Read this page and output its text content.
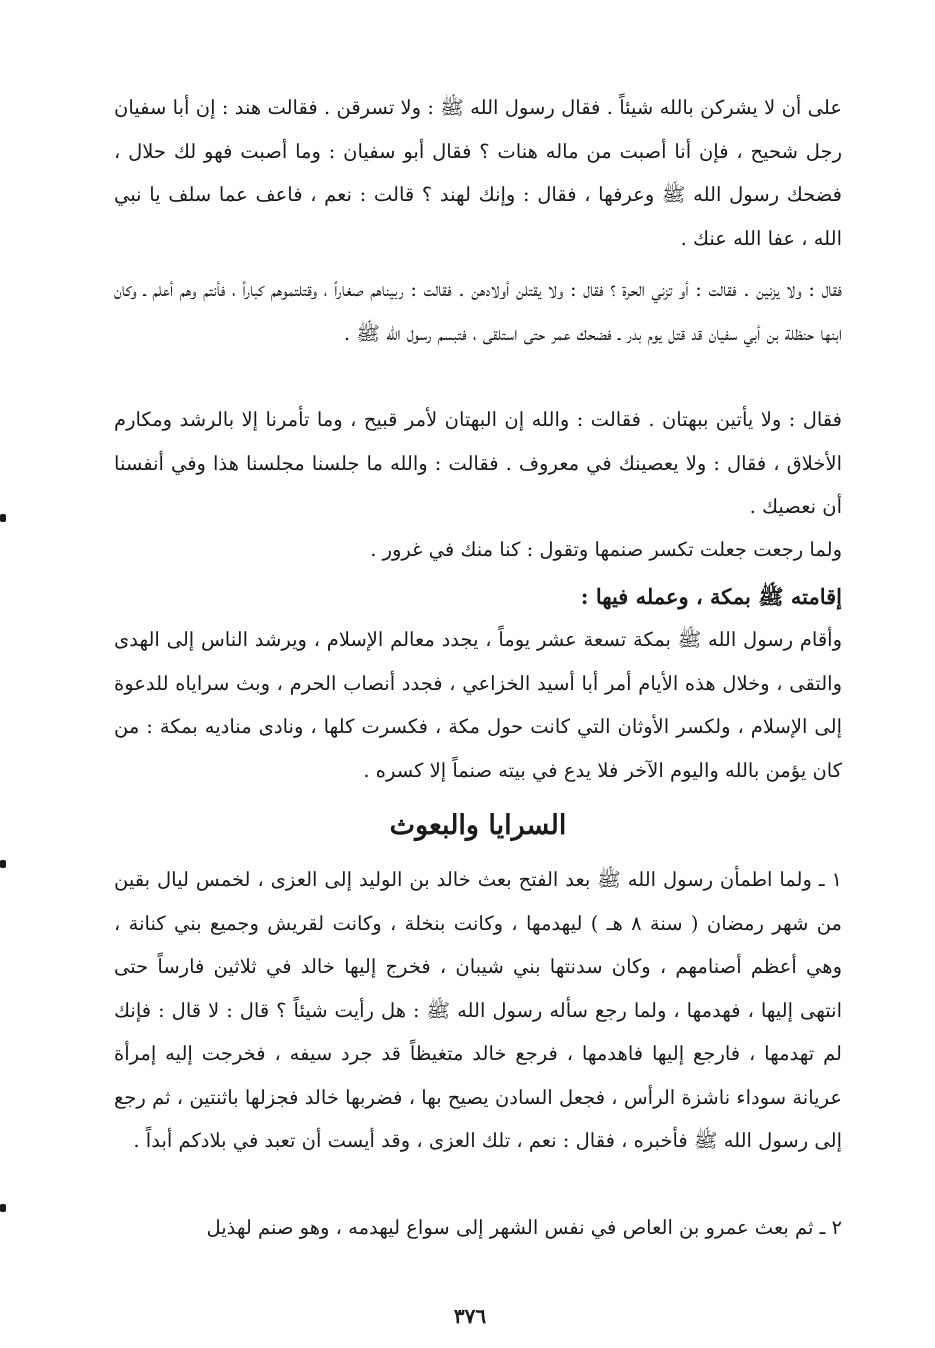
على أن لا يشركن بالله شيئاً . فقال رسول الله ﷺ : ولا تسرقن . فقالت هند : إن أبا سفيان رجل شحيح ، فإن أنا أصبت من ماله هنات ؟ فقال أبو سفيان : وما أصبت فهو لك حلال ، فضحك رسول الله ﷺ وعرفها ، فقال : وإنك لهند ؟ قالت : نعم ، فاعف عما سلف يا نبي الله ، عفا الله عنك .

فقال : ولا يزنين . فقالت : أو تزني الحرة ؟ فقال : ولا يقتلن أولادهن . فقالت : ربيناهم صغاراً ، وقتلتموهم كباراً ، فأنتم وهم أعلم ـ وكان ابنها حنظلة بن أبي سفيان قد قتل يوم بدر ـ فضحك عمر حتى استلقى ، فتبسم رسول الله ﷺ .

فقال : ولا يأتين ببهتان . فقالت : والله إن البهتان لأمر قبيح ، وما تأمرنا إلا بالرشد ومكارم الأخلاق ، فقال : ولا يعصينك في معروف . فقالت : والله ما جلسنا مجلسنا هذا وفي أنفسنا أن نعصيك .

ولما رجعت جعلت تكسر صنمها وتقول : كنا منك في غرور .

إقامته ﷺ بمكة ، وعمله فيها :

وأقام رسول الله ﷺ بمكة تسعة عشر يوماً ، يجدد معالم الإسلام ، ويرشد الناس إلى الهدى والتقى ، وخلال هذه الأيام أمر أبا أسيد الخزاعي ، فجدد أنصاب الحرم ، وبث سراياه للدعوة إلى الإسلام ، ولكسر الأوثان التي كانت حول مكة ، فكسرت كلها ، ونادى مناديه بمكة : من كان يؤمن بالله واليوم الآخر فلا يدع في بيته صنماً إلا كسره .

السرايا والبعوث

١ ـ ولما اطمأن رسول الله ﷺ بعد الفتح بعث خالد بن الوليد إلى العزى ، لخمس ليال بقين من شهر رمضان ( سنة ٨ هـ ) ليهدمها ، وكانت بنخلة ، وكانت لقريش وجميع بني كنانة ، وهي أعظم أصنامهم ، وكان سدنتها بني شيبان ، فخرج إليها خالد في ثلاثين فارساً حتى انتهى إليها ، فهدمها ، ولما رجع سأله رسول الله ﷺ : هل رأيت شيئاً ؟ قال : لا قال : فإنك لم تهدمها ، فارجع إليها فاهدمها ، فرجع خالد متغيظاً قد جرد سيفه ، فخرجت إليه إمرأة عريانة سوداء ناشزة الرأس ، فجعل السادن يصيح بها ، فضربها خالد فجزلها باثنتين ، ثم رجع إلى رسول الله ﷺ فأخبره ، فقال : نعم ، تلك العزى ، وقد أيست أن تعبد في بلادكم أبداً .

٢ ـ ثم بعث عمرو بن العاص في نفس الشهر إلى سواع ليهدمه ، وهو صنم لهذيل

٣٧٦
